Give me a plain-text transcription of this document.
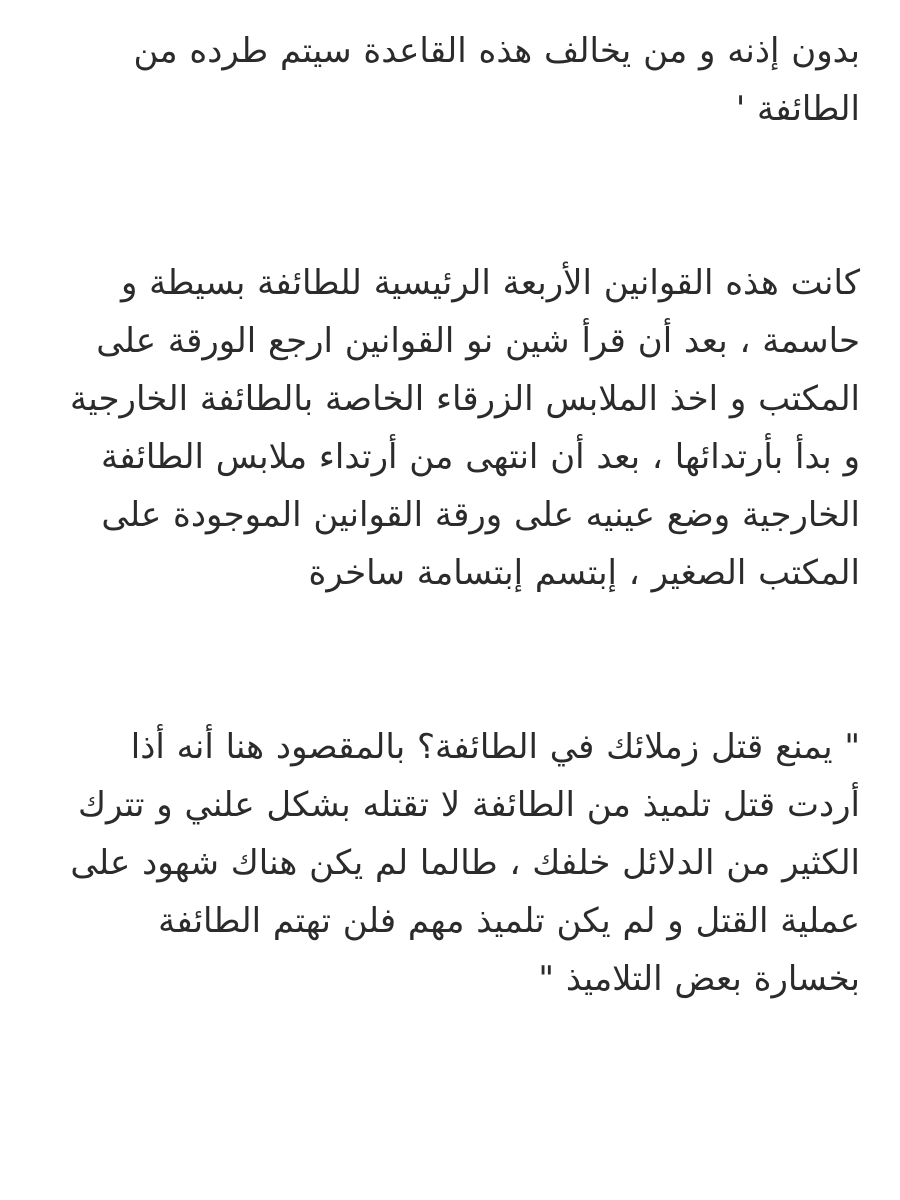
بدون إذنه و من يخالف هذه القاعدة سيتم طرده من الطائفة '

كانت هذه القوانين الأربعة الرئيسية للطائفة بسيطة و حاسمة ، بعد أن قرأ شين نو القوانين ارجع الورقة على المكتب و اخذ الملابس الزرقاء الخاصة بالطائفة الخارجية و بدأ بأرتدائها ، بعد أن انتهى من أرتداء ملابس الطائفة الخارجية وضع عينيه على ورقة القوانين الموجودة على المكتب الصغير ، إبتسم إبتسامة ساخرة

" يمنع قتل زملائك في الطائفة؟ بالمقصود هنا أنه أذا أردت قتل تلميذ من الطائفة لا تقتله بشكل علني و تترك الكثير من الدلائل خلفك ، طالما لم يكن هناك شهود على عملية القتل و لم يكن تلميذ مهم فلن تهتم الطائفة بخسارة بعض التلاميذ "
